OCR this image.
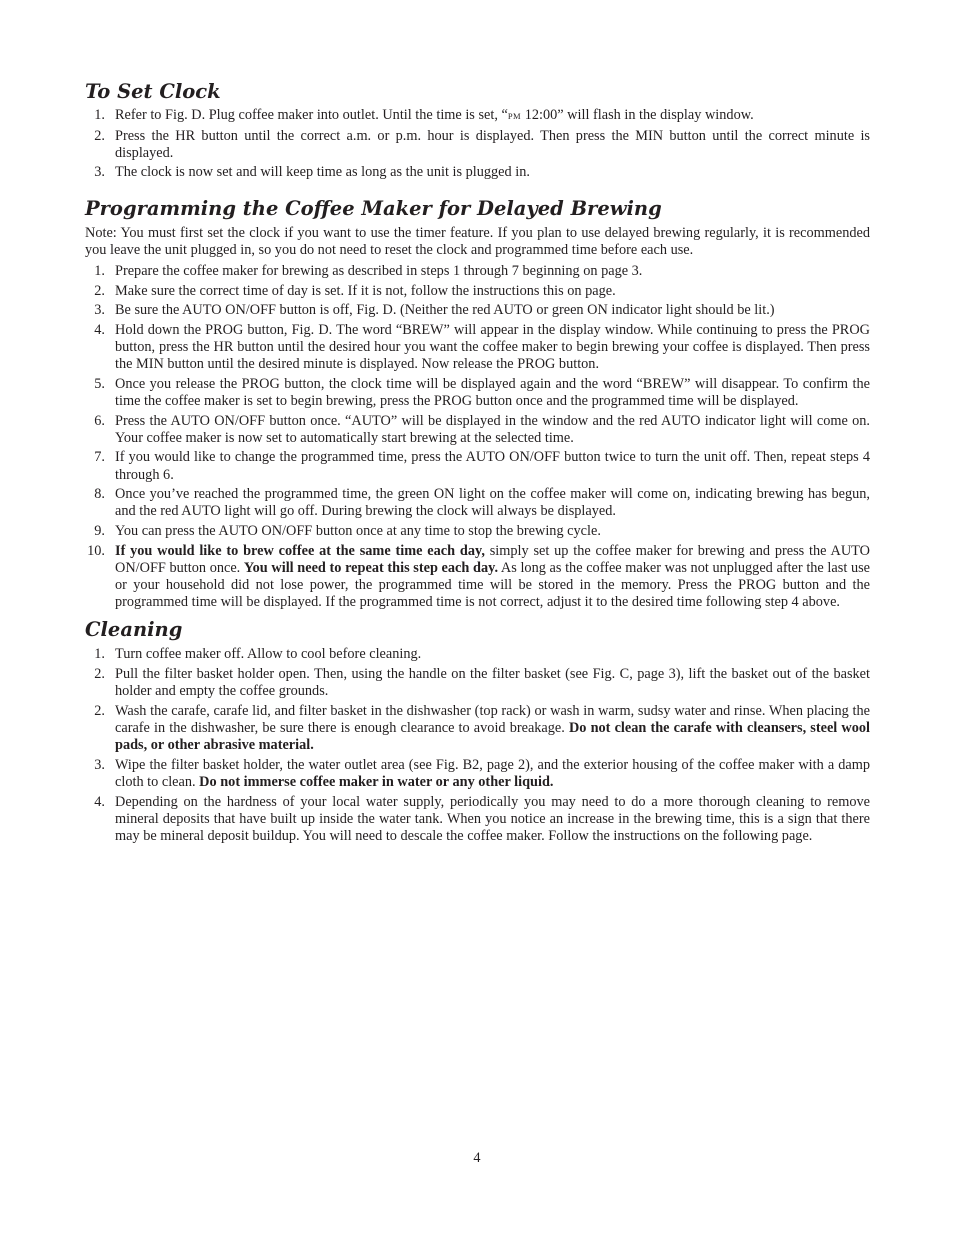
To Set Clock
1. Refer to Fig. D. Plug coffee maker into outlet. Until the time is set, “PM 12:00” will flash in the display window.
2. Press the HR button until the correct a.m. or p.m. hour is displayed. Then press the MIN button until the correct minute is displayed.
3. The clock is now set and will keep time as long as the unit is plugged in.
Programming the Coffee Maker for Delayed Brewing

Note: You must first set the clock if you want to use the timer feature. If you plan to use delayed brewing regularly, it is recommended you leave the unit plugged in, so you do not need to reset the clock and programmed time before each use.

1. Prepare the coffee maker for brewing as described in steps 1 through 7 beginning on page 3.
2. Make sure the correct time of day is set. If it is not, follow the instructions this on page.
3. Be sure the AUTO ON/OFF button is off, Fig. D. (Neither the red AUTO or green ON indicator light should be lit.)
4. Hold down the PROG button, Fig. D. The word “BREW” will appear in the display window. While continuing to press the PROG button, press the HR button until the desired hour you want the coffee maker to begin brewing your coffee is displayed. Then press the MIN button until the desired minute is displayed. Now release the PROG button.
5. Once you release the PROG button, the clock time will be displayed again and the word “BREW” will disappear. To confirm the time the coffee maker is set to begin brewing, press the PROG button once and the programmed time will be displayed.
6. Press the AUTO ON/OFF button once. “AUTO” will be displayed in the window and the red AUTO indicator light will come on. Your coffee maker is now set to automatically start brewing at the selected time.
7. If you would like to change the programmed time, press the AUTO ON/OFF button twice to turn the unit off. Then, repeat steps 4 through 6.
8. Once you’ve reached the programmed time, the green ON light on the coffee maker will come on, indicating brewing has begun, and the red AUTO light will go off. During brewing the clock will always be displayed.
9. You can press the AUTO ON/OFF button once at any time to stop the brewing cycle.
10. If you would like to brew coffee at the same time each day, simply set up the coffee maker for brewing and press the AUTO ON/OFF button once. You will need to repeat this step each day. As long as the coffee maker was not unplugged after the last use or your household did not lose power, the programmed time will be stored in the memory. Press the PROG button and the programmed time will be displayed. If the programmed time is not correct, adjust it to the desired time following step 4 above.
Cleaning
1. Turn coffee maker off. Allow to cool before cleaning.
2. Pull the filter basket holder open. Then, using the handle on the filter basket (see Fig. C, page 3), lift the basket out of the basket holder and empty the coffee grounds.
2. Wash the carafe, carafe lid, and filter basket in the dishwasher (top rack) or wash in warm, sudsy water and rinse. When placing the carafe in the dishwasher, be sure there is enough clearance to avoid breakage. Do not clean the carafe with cleansers, steel wool pads, or other abrasive material.
3. Wipe the filter basket holder, the water outlet area (see Fig. B2, page 2), and the exterior housing of the coffee maker with a damp cloth to clean. Do not immerse coffee maker in water or any other liquid.
4. Depending on the hardness of your local water supply, periodically you may need to do a more thorough cleaning to remove mineral deposits that have built up inside the water tank. When you notice an increase in the brewing time, this is a sign that there may be mineral deposit buildup. You will need to descale the coffee maker. Follow the instructions on the following page.
4
